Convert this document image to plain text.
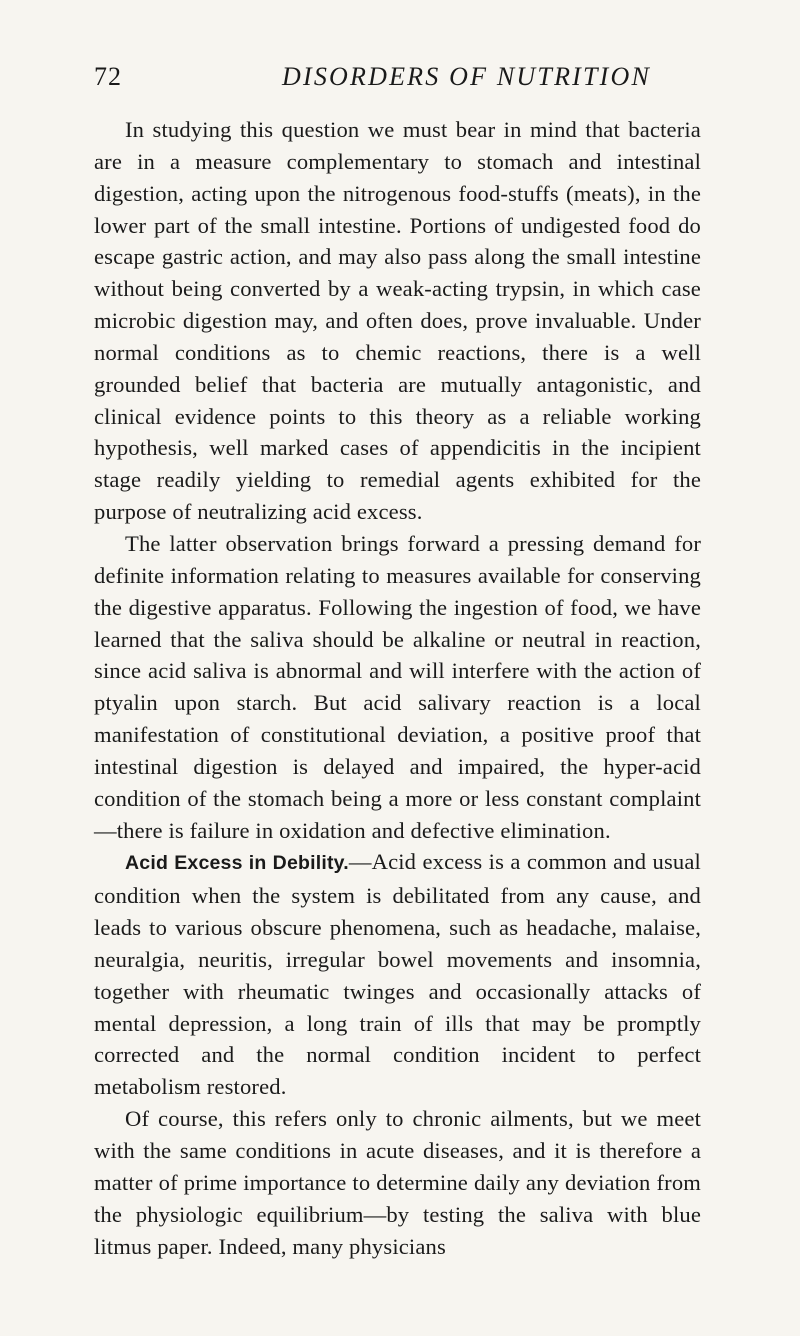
72	DISORDERS OF NUTRITION

In studying this question we must bear in mind that bacteria are in a measure complementary to stomach and intestinal digestion, acting upon the nitrogenous food-stuffs (meats), in the lower part of the small intestine. Portions of undigested food do escape gastric action, and may also pass along the small intestine without being converted by a weak-acting trypsin, in which case microbic digestion may, and often does, prove invaluable. Under normal conditions as to chemic reactions, there is a well grounded belief that bacteria are mutually antagonistic, and clinical evidence points to this theory as a reliable working hypothesis, well marked cases of appendicitis in the incipient stage readily yielding to remedial agents exhibited for the purpose of neutralizing acid excess.

The latter observation brings forward a pressing demand for definite information relating to measures available for conserving the digestive apparatus. Following the ingestion of food, we have learned that the saliva should be alkaline or neutral in reaction, since acid saliva is abnormal and will interfere with the action of ptyalin upon starch. But acid salivary reaction is a local manifestation of constitutional deviation, a positive proof that intestinal digestion is delayed and impaired, the hyper-acid condition of the stomach being a more or less constant complaint—there is failure in oxidation and defective elimination.

Acid Excess in Debility.—Acid excess is a common and usual condition when the system is debilitated from any cause, and leads to various obscure phenomena, such as headache, malaise, neuralgia, neuritis, irregular bowel movements and insomnia, together with rheumatic twinges and occasionally attacks of mental depression, a long train of ills that may be promptly corrected and the normal condition incident to perfect metabolism restored.

Of course, this refers only to chronic ailments, but we meet with the same conditions in acute diseases, and it is therefore a matter of prime importance to determine daily any deviation from the physiologic equilibrium—by testing the saliva with blue litmus paper. Indeed, many physicians
